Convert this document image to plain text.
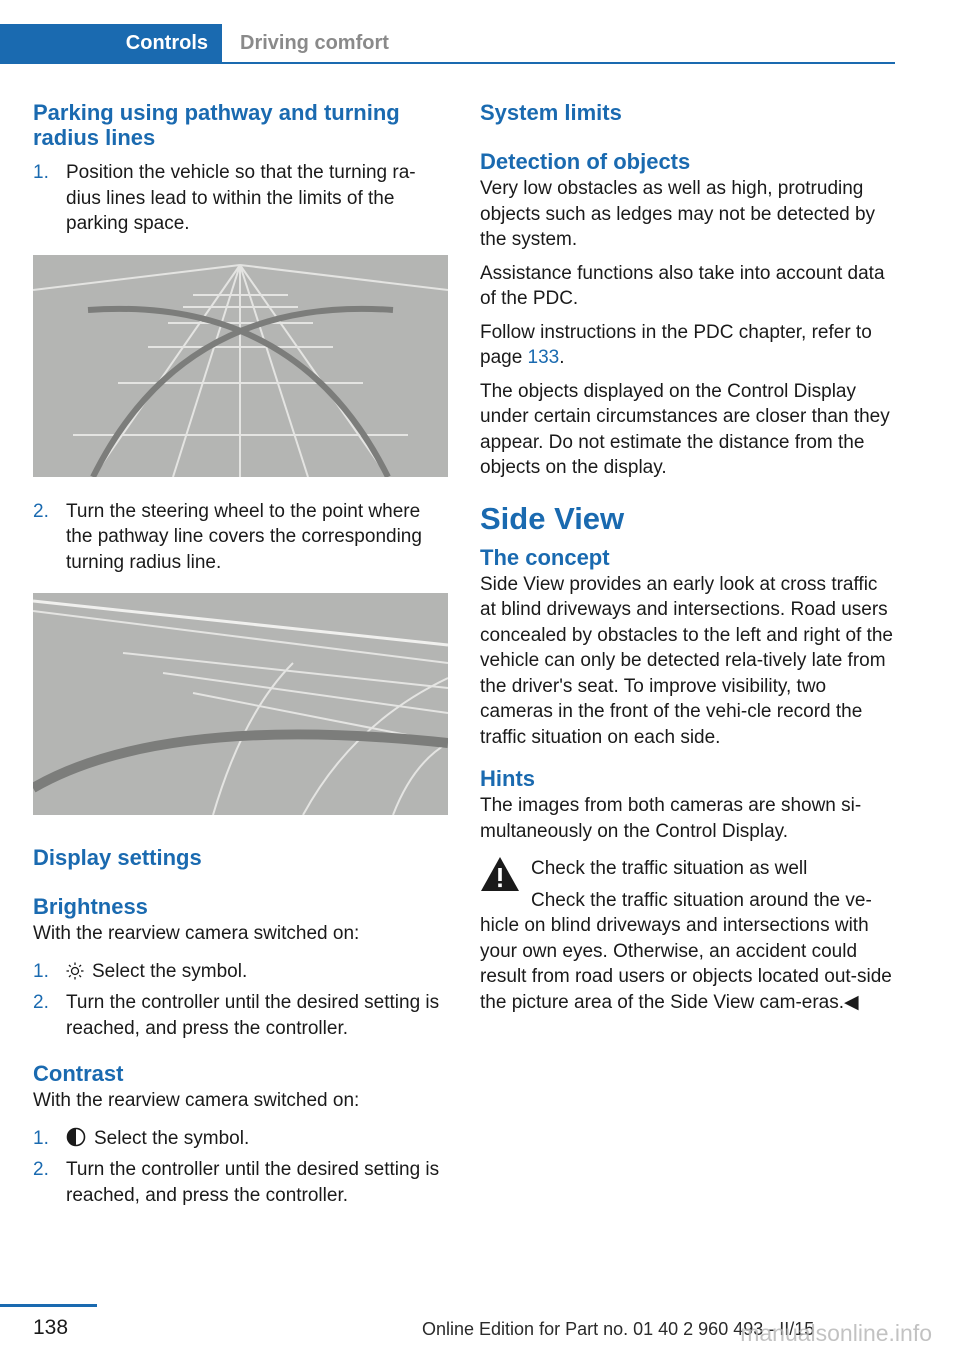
Controls	Driving comfort
Parking using pathway and turning radius lines
1. Position the vehicle so that the turning ra‐dius lines lead to within the limits of the parking space.
2. Turn the steering wheel to the point where the pathway line covers the corresponding turning radius line.
Display settings
Brightness

With the rearview camera switched on:

1.	Select the symbol.
2. Turn the controller until the desired setting is reached, and press the controller.
Contrast

With the rearview camera switched on:

1.	Select the symbol.
2. Turn the controller until the desired setting is reached, and press the controller.
System limits
Detection of objects

Very low obstacles as well as high, protruding objects such as ledges may not be detected by the system.

Assistance functions also take into account data of the PDC.

Follow instructions in the PDC chapter, refer to page 133.

The objects displayed on the Control Display under certain circumstances are closer than they appear. Do not estimate the distance from the objects on the display.

Side View
The concept

Side View provides an early look at cross traffic at blind driveways and intersections. Road users concealed by obstacles to the left and right of the vehicle can only be detected rela‐tively late from the driver's seat. To improve visibility, two cameras in the front of the vehi‐cle record the traffic situation on each side.

Hints

The images from both cameras are shown si‐multaneously on the Control Display.

Check the traffic situation as well
Check the traffic situation around the ve‐hicle on blind driveways and intersections with your own eyes. Otherwise, an accident could result from road users or objects located out‐side the picture area of the Side View cam‐eras.◀
138	Online Edition for Part no. 01 40 2 960 493 - II/15
manualsonline.info
